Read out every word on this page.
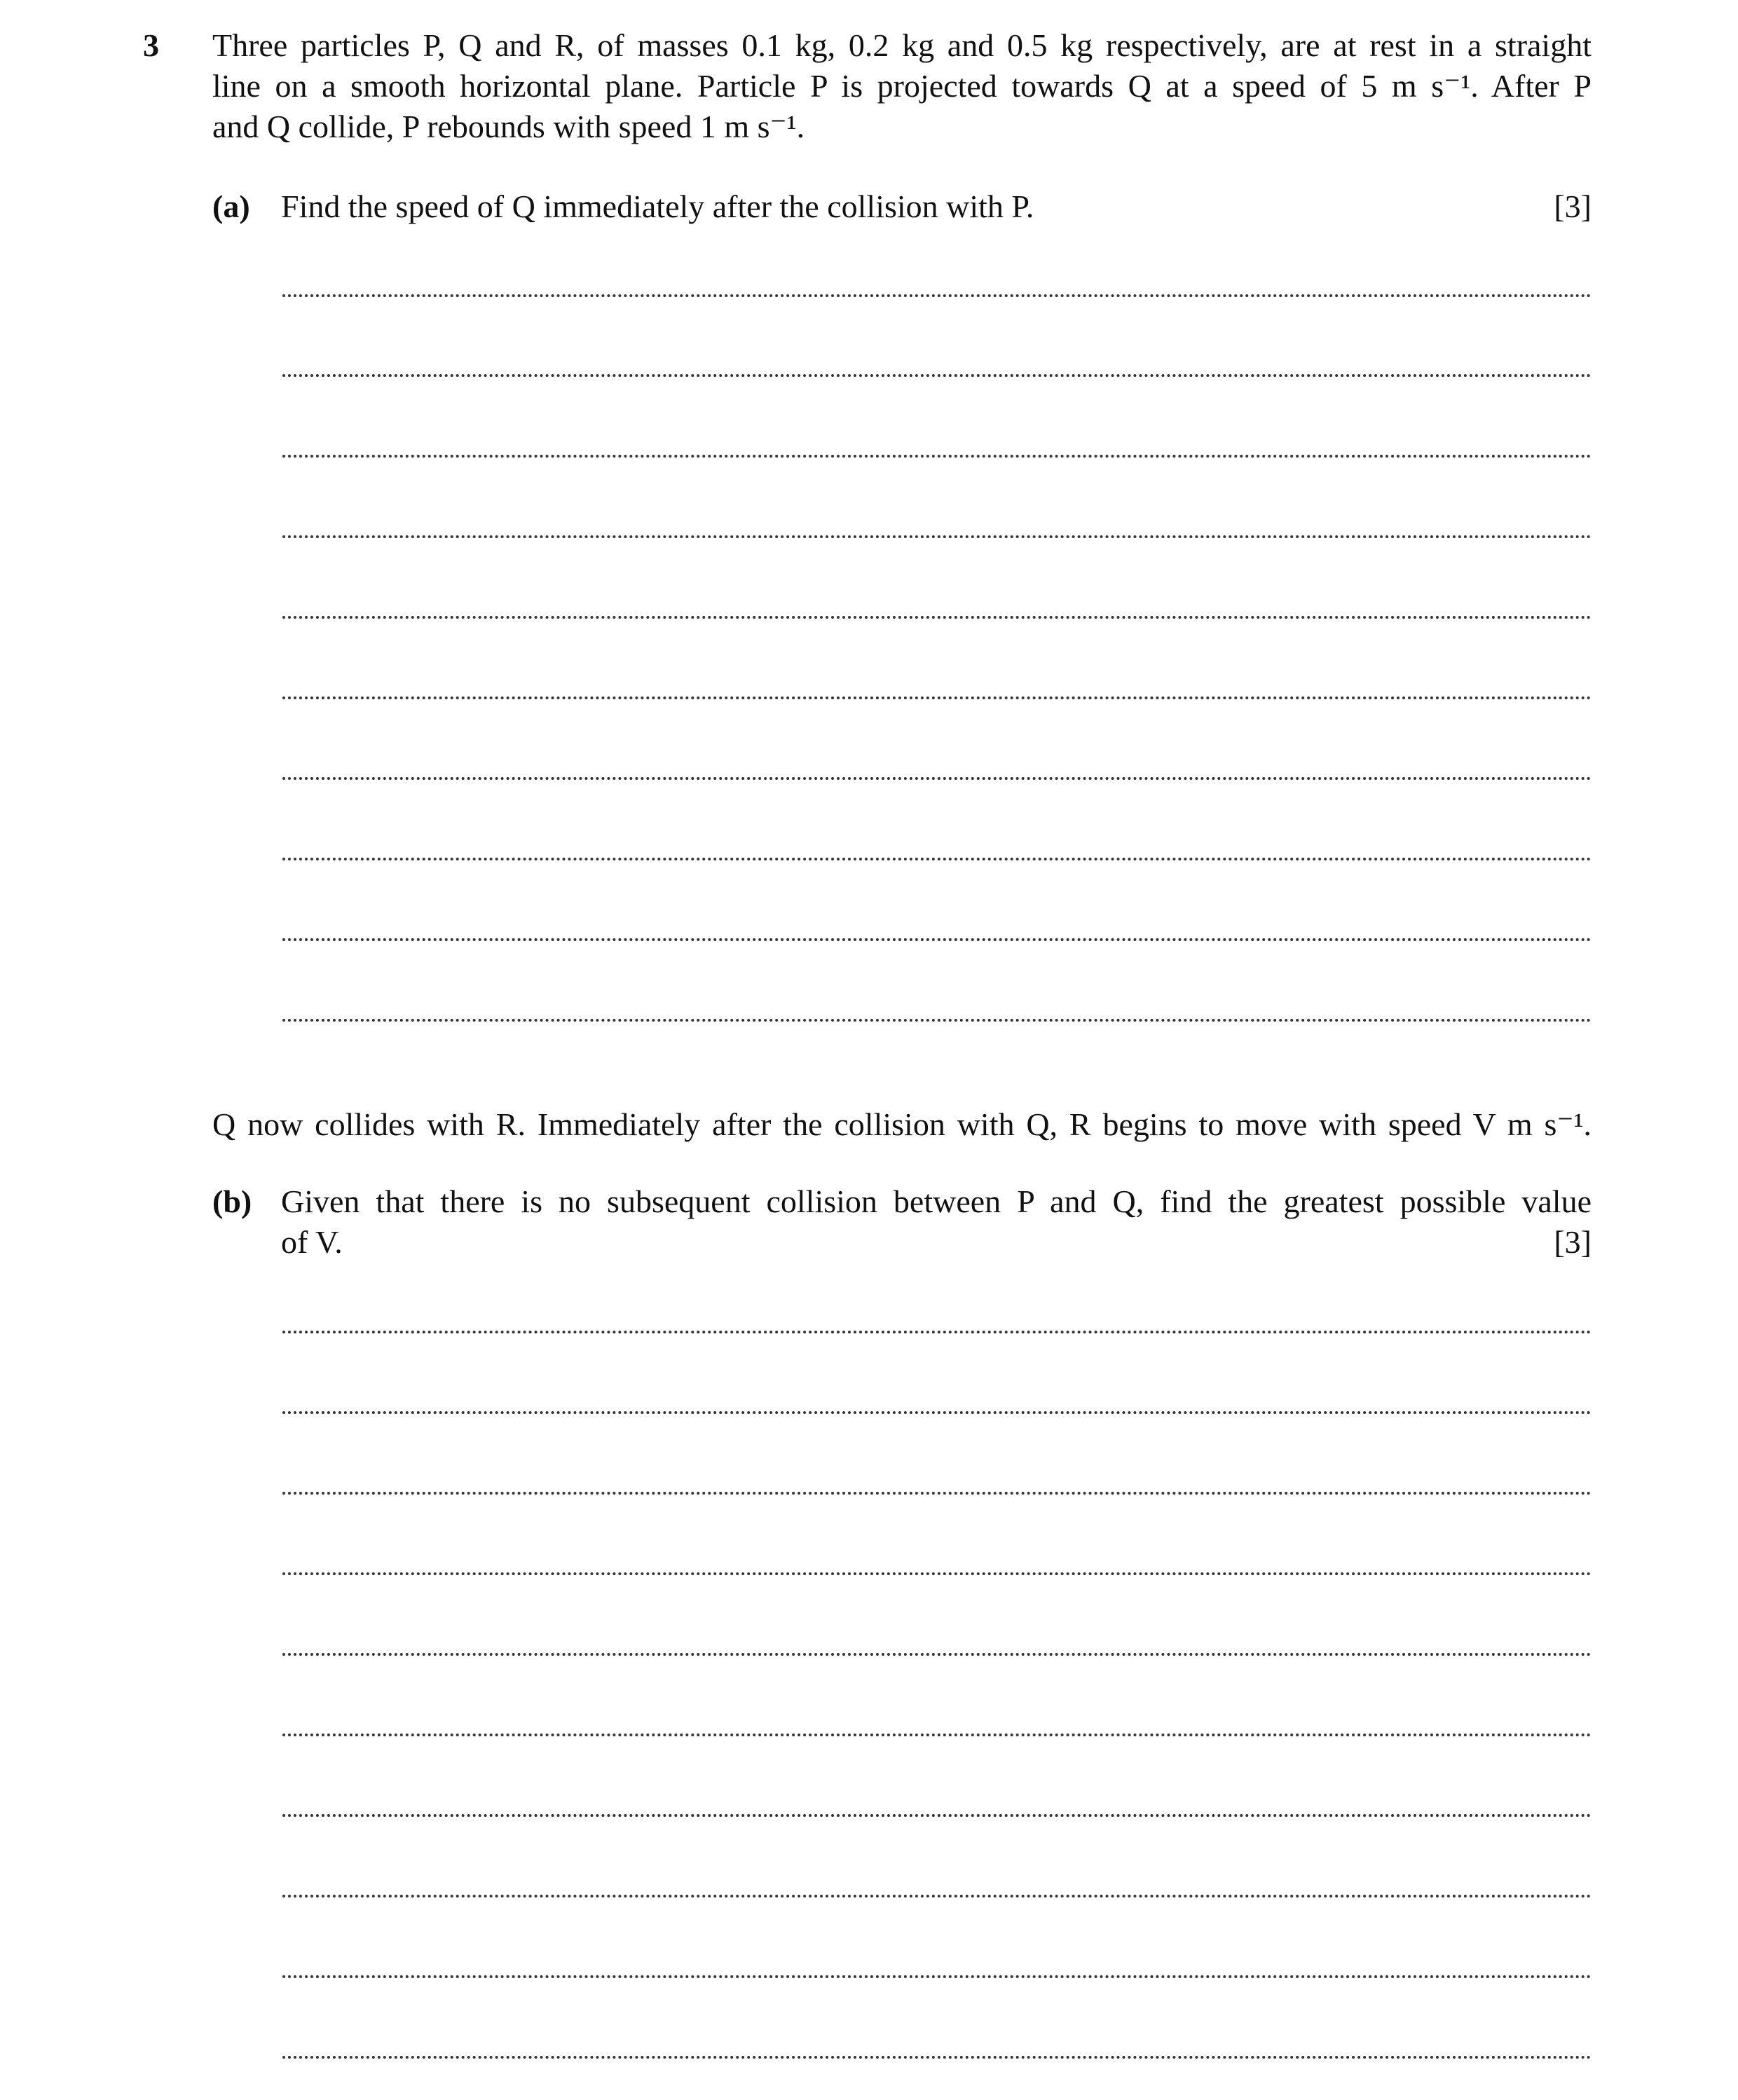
3 Three particles P, Q and R, of masses 0.1 kg, 0.2 kg and 0.5 kg respectively, are at rest in a straight
line on a smooth horizontal plane. Particle P is projected towards Q at a speed of 5 m s⁻¹. After P
and Q collide, P rebounds with speed 1 m s⁻¹.
(a) Find the speed of Q immediately after the collision with P.	[3]
Q now collides with R. Immediately after the collision with Q, R begins to move with speed V m s⁻¹.
(b) Given that there is no subsequent collision between P and Q, find the greatest possible value
of V.	[3]
